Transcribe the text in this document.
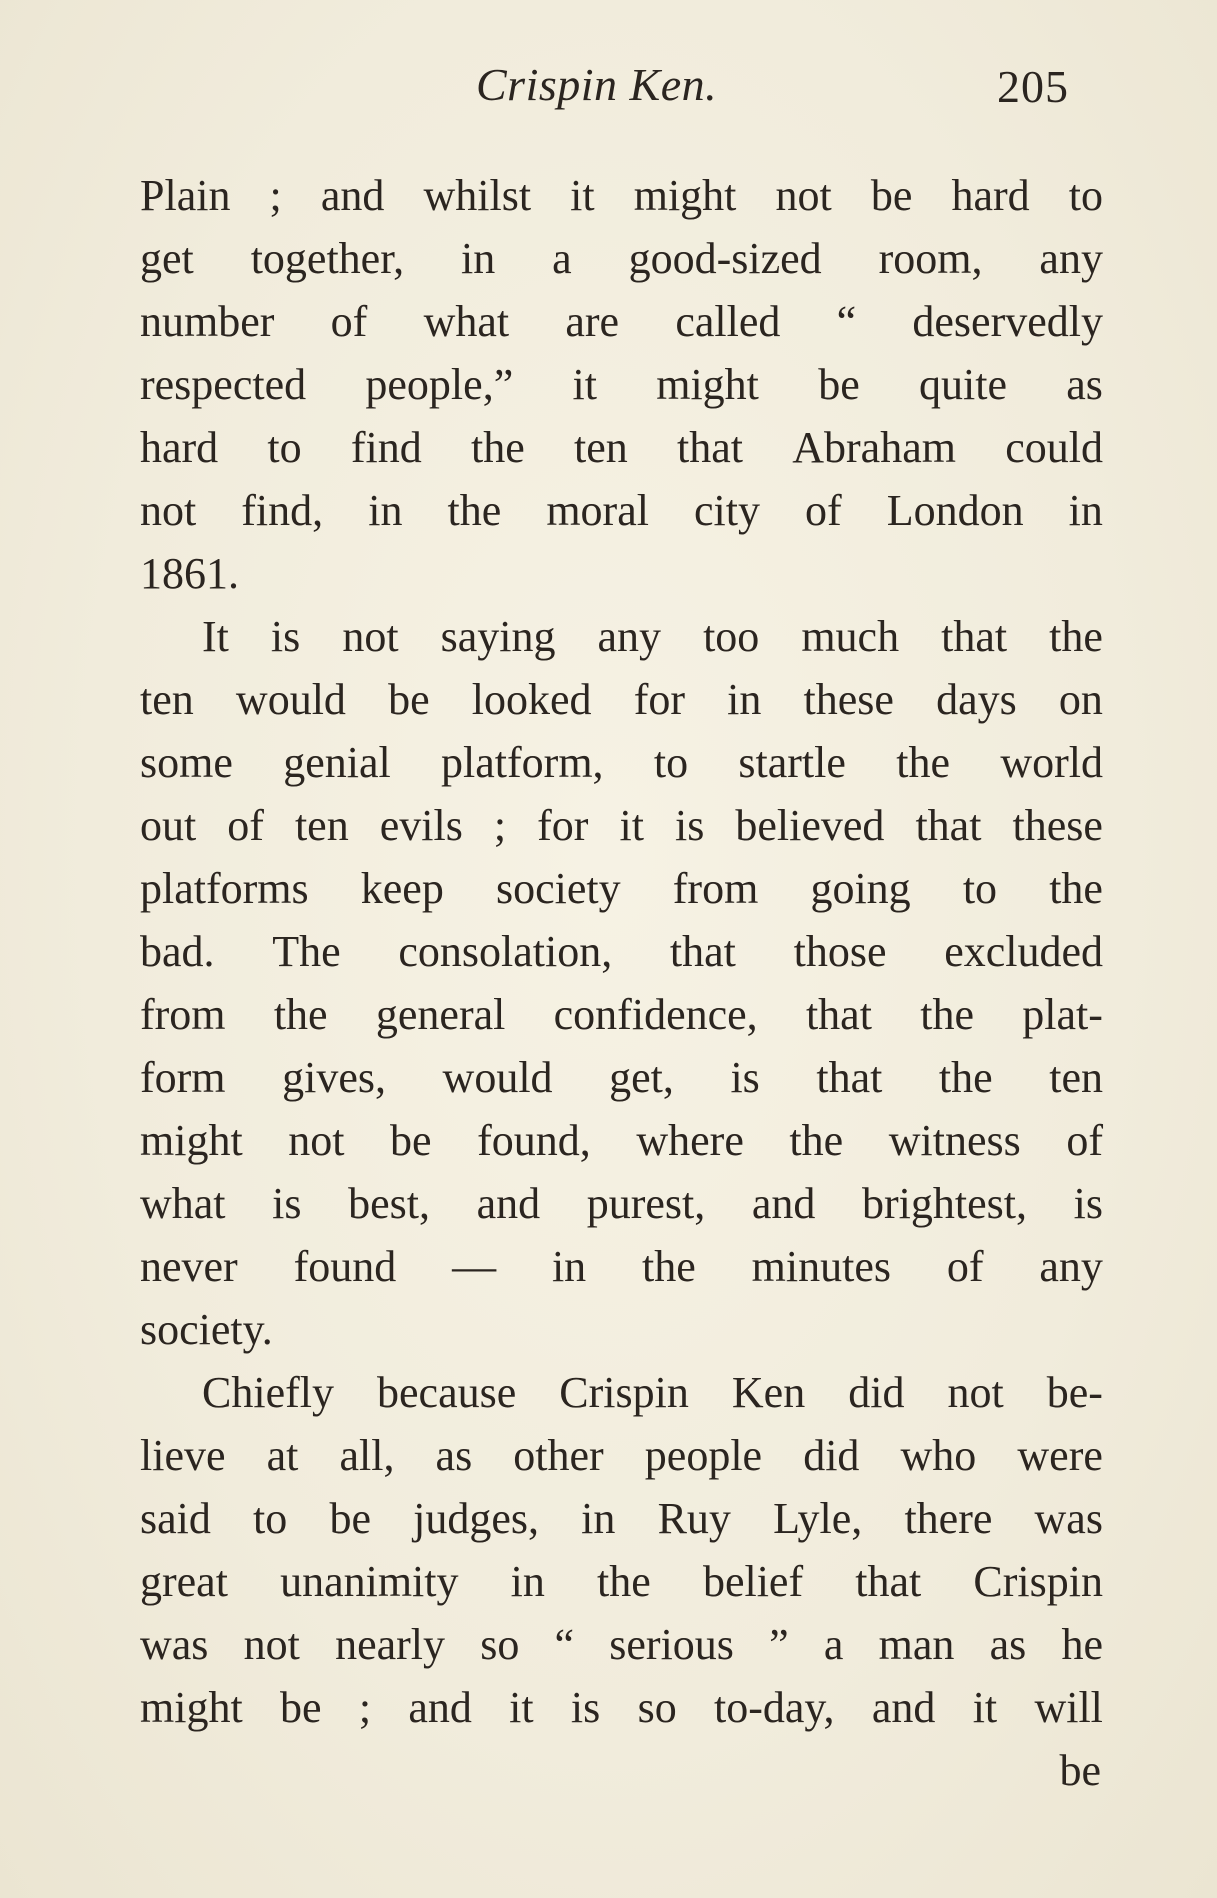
Crispin Ken.	205
Plain ; and whilst it might not be hard to
get together, in a good-sized room, any
number of what are called “ deservedly
respected people,” it might be quite as
hard to find the ten that Abraham could
not find, in the moral city of London in
1861.
It is not saying any too much that the
ten would be looked for in these days on
some genial platform, to startle the world
out of ten evils ; for it is believed that these
platforms keep society from going to the
bad. The consolation, that those excluded
from the general confidence, that the plat-
form gives, would get, is that the ten
might not be found, where the witness of
what is best, and purest, and brightest, is
never found — in the minutes of any
society.
Chiefly because Crispin Ken did not be-
lieve at all, as other people did who were
said to be judges, in Ruy Lyle, there was
great unanimity in the belief that Crispin
was not nearly so “ serious ” a man as he
might be ; and it is so to-day, and it will
be
